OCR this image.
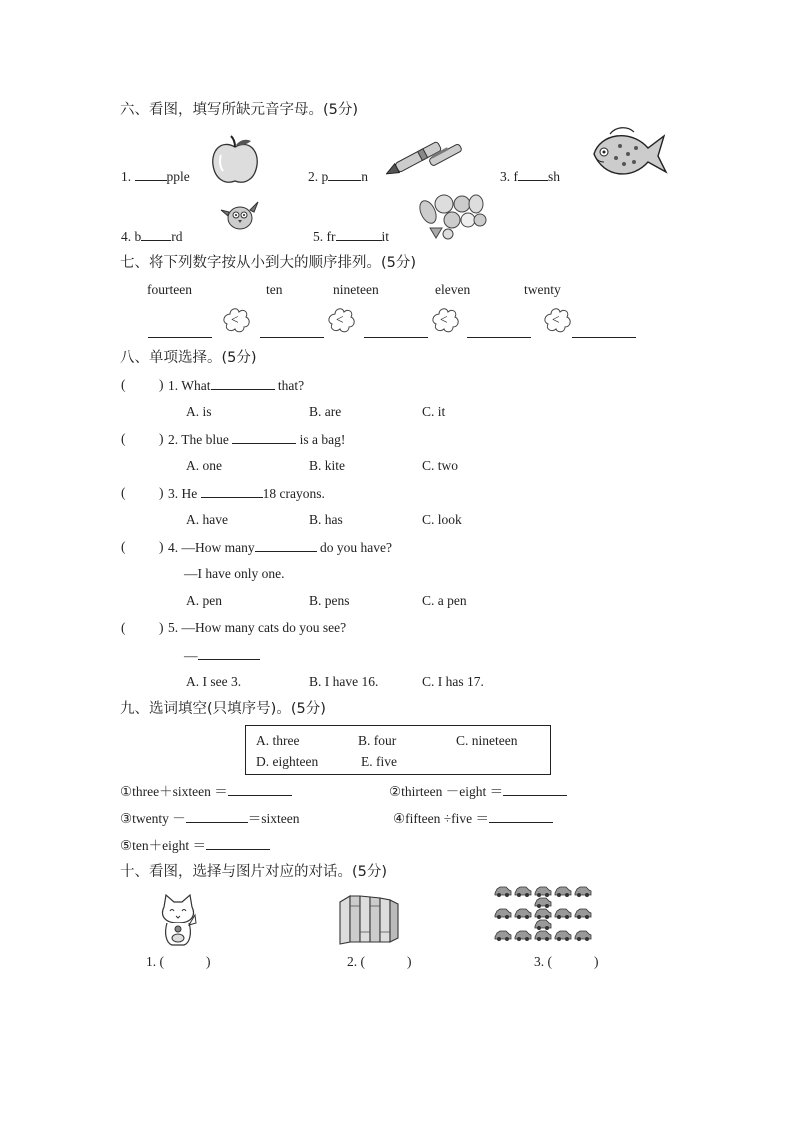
六、看图，填写所缺元音字母。(5分)
1.	pple	2. p n	3. f sh
4. b rd	5. fr	it
七、将下列数字按从小到大的顺序排列。(5分)
fourteen	ten	nineteen	eleven	twenty
<	<	<	<
八、单项选择。(5分)
( ) 1. What	that?
A. is	B. are	C. it
( ) 2. The blue	is a bag!
A. one	B. kite	C. two
( ) 3. He	18 crayons.
A. have	B. has	C. look
( ) 4. —How many	do you have?
—I have only one.
A. pen	B. pens	C. a pen
( ) 5. —How many cats do you see?
—
A. I see 3.	B. I have 16.	C. I has 17.
九、选词填空(只填序号)。(5分)
A. three	B. four	C. nineteen
D. eighteen	E. five
①three＋sixteen ＝	②thirteen －eight ＝
③twenty －	＝sixteen	④fifteen ÷five ＝
⑤ten＋eight ＝
十、看图，选择与图片对应的对话。(5分)
1. (	)	2. (	)	3. (	)
